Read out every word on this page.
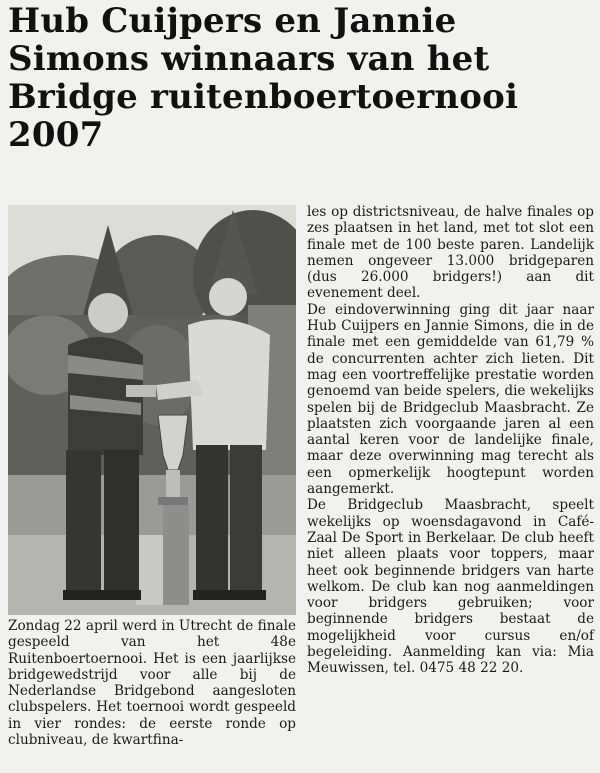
Hub Cuijpers en Jannie Simons winnaars van het Bridge ruitenboertoernooi 2007

Zondag 22 april werd in Utrecht de finale gespeeld van het 48e Ruitenboertoernooi. Het is een jaarlijkse bridgewedstrijd voor alle bij de Nederlandse Bridgebond aangesloten clubspelers. Het toernooi wordt gespeeld in vier rondes: de eerste ronde op clubniveau, de kwartfina-

les op districtsniveau, de halve finales op zes plaatsen in het land, met tot slot een finale met de 100 beste paren. Landelijk nemen ongeveer 13.000 bridgeparen (dus 26.000 bridgers!) aan dit evenement deel.

De eindoverwinning ging dit jaar naar Hub Cuijpers en Jannie Simons, die in de finale met een gemiddelde van 61,79 % de concurrenten achter zich lieten. Dit mag een voortreffelijke prestatie worden genoemd van beide spelers, die wekelijks spelen bij de Bridgeclub Maasbracht. Ze plaatsten zich voorgaande jaren al een aantal keren voor de landelijke finale, maar deze overwinning mag terecht als een opmerkelijk hoogtepunt worden aangemerkt.

De Bridgeclub Maasbracht, speelt wekelijks op woensdagavond in Café-Zaal De Sport in Berkelaar. De club heeft niet alleen plaats voor toppers, maar heet ook beginnende bridgers van harte welkom. De club kan nog aanmeldingen voor bridgers gebruiken; voor beginnende bridgers bestaat de mogelijkheid voor cursus en/of begeleiding. Aanmelding kan via: Mia Meuwissen, tel. 0475 48 22 20.
